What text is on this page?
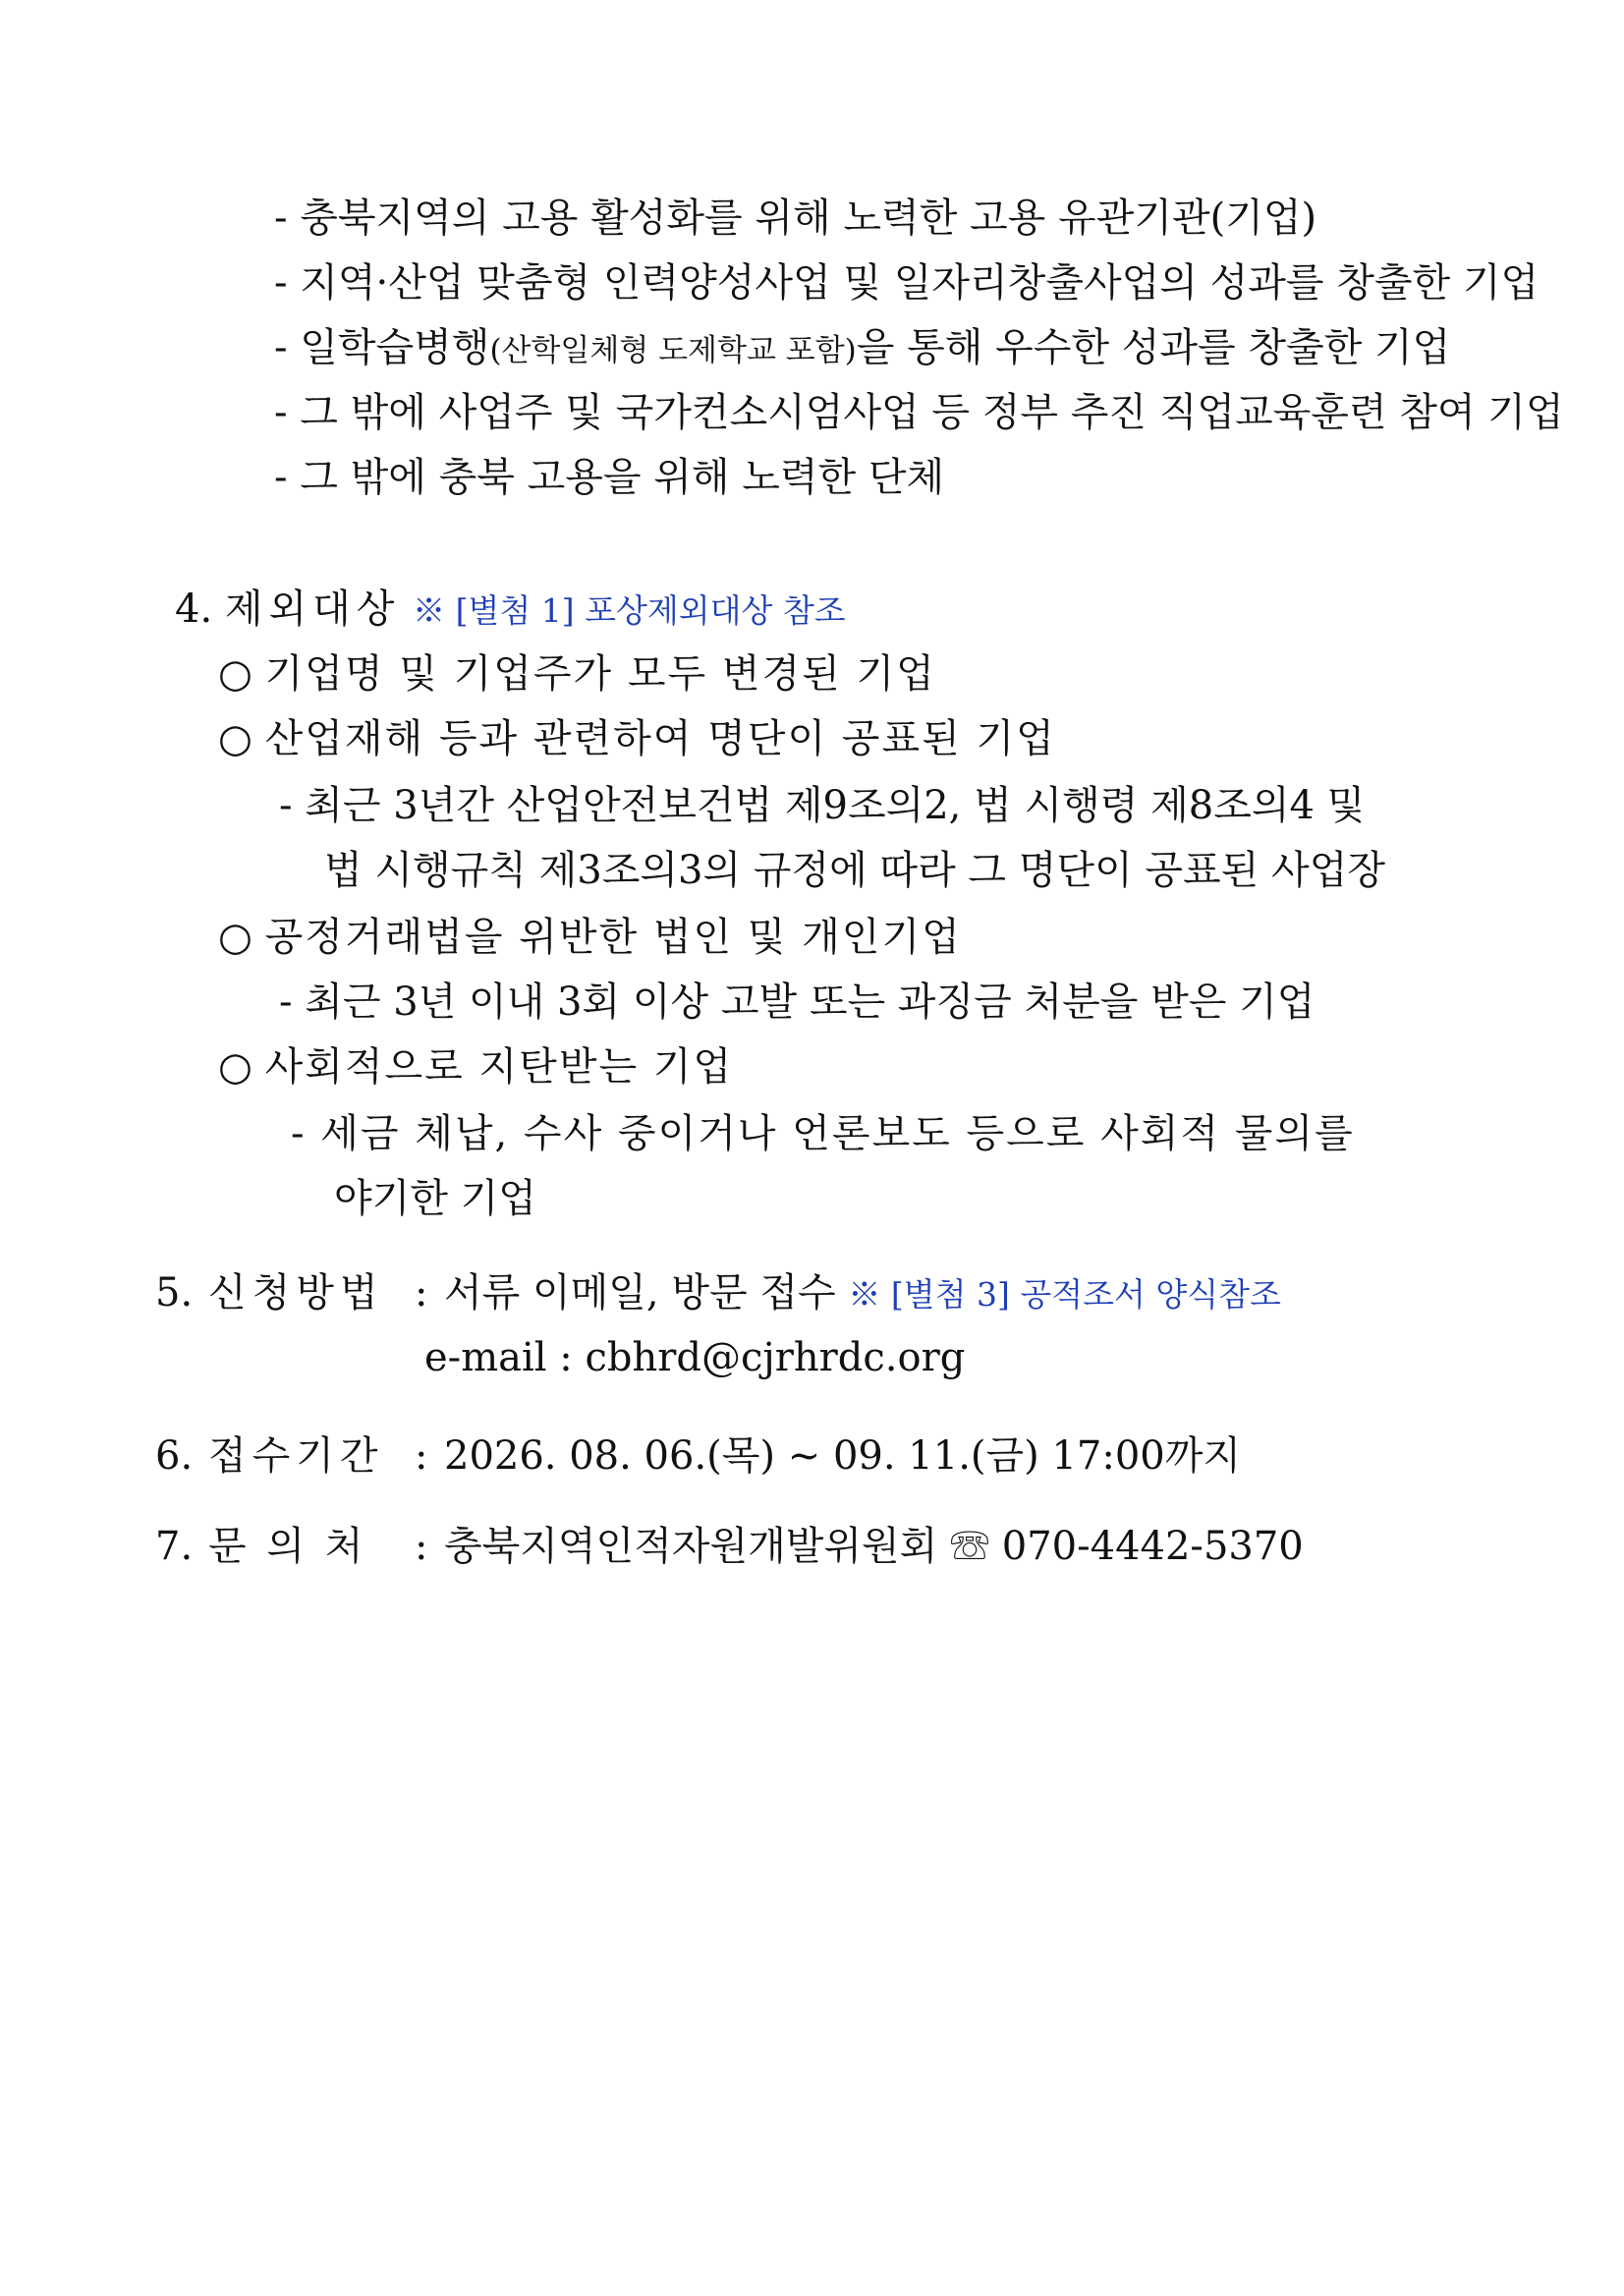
- 충북지역의 고용 활성화를 위해 노력한 고용 유관기관(기업)
- 지역·산업 맞춤형 인력양성사업 및 일자리창출사업의 성과를 창출한 기업
- 일학습병행(산학일체형 도제학교 포함)을 통해 우수한 성과를 창출한 기업
- 그 밖에 사업주 및 국가컨소시엄사업 등 정부 추진 직업교육훈련 참여 기업
- 그 밖에 충북 고용을 위해 노력한 단체
4. 제외대상 ※ [별첨 1] 포상제외대상 참조
○ 기업명 및 기업주가 모두 변경된 기업
○ 산업재해 등과 관련하여 명단이 공표된 기업
- 최근 3년간 산업안전보건법 제9조의2, 법 시행령 제8조의4 및
법 시행규칙 제3조의3의 규정에 따라 그 명단이 공표된 사업장
○ 공정거래법을 위반한 법인 및 개인기업
- 최근 3년 이내 3회 이상 고발 또는 과징금 처분을 받은 기업
○ 사회적으로 지탄받는 기업
- 세금 체납, 수사 중이거나 언론보도 등으로 사회적 물의를
야기한 기업
5. 신청방법 : 서류 이메일, 방문 접수 ※ [별첨 3] 공적조서 양식참조
e-mail : cbhrd@cjrhrdc.org
6. 접수기간 : 2026. 08. 06.(목) ~ 09. 11.(금) 17:00까지
7. 문 의 처 : 충북지역인적자원개발위원회 ☏ 070-4442-5370
